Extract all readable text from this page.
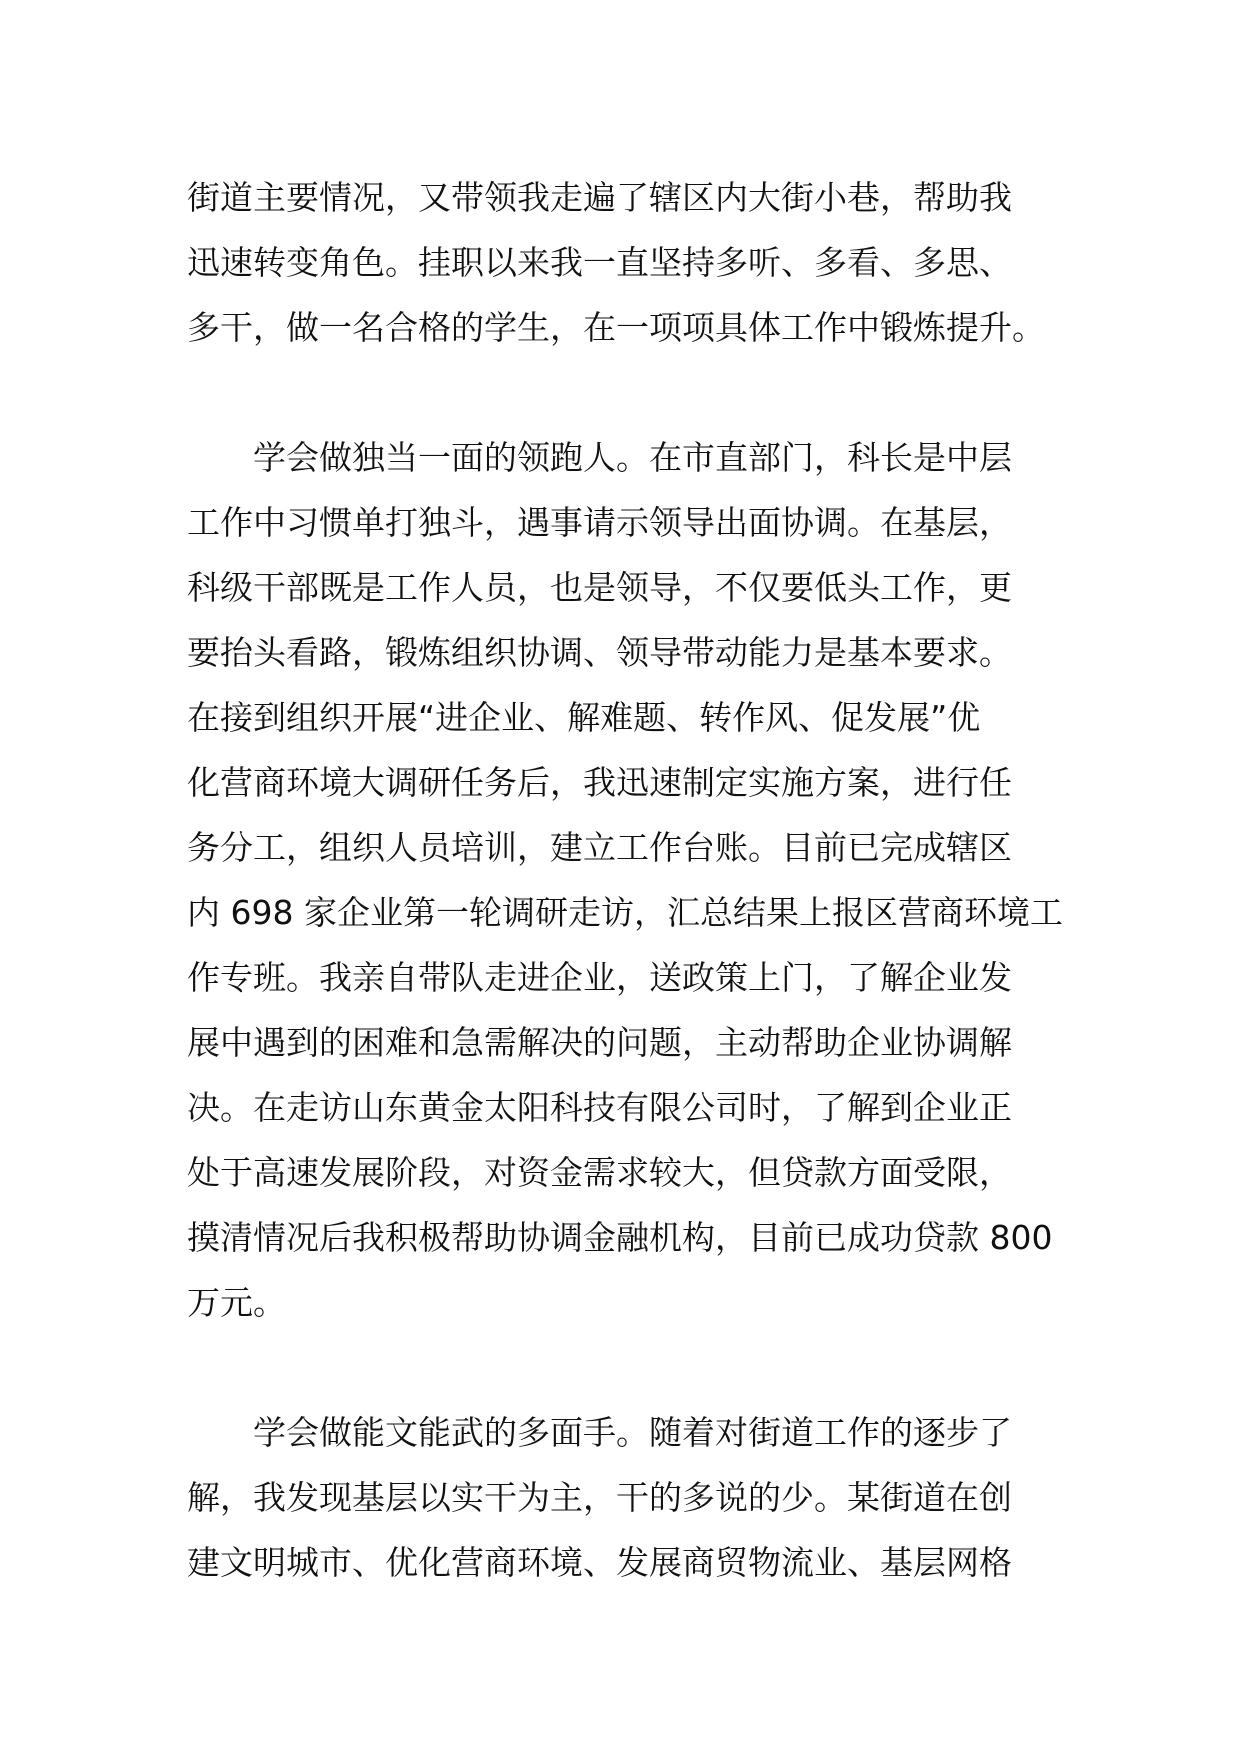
街道主要情况，又带领我走遍了辖区内大街小巷，帮助我
迅速转变角色。挂职以来我一直坚持多听、多看、多思、
多干，做一名合格的学生，在一项项具体工作中锻炼提升。
学会做独当一面的领跑人。在市直部门，科长是中层
工作中习惯单打独斗，遇事请示领导出面协调。在基层，
科级干部既是工作人员，也是领导，不仅要低头工作，更
要抬头看路，锻炼组织协调、领导带动能力是基本要求。
在接到组织开展“进企业、解难题、转作风、促发展”优
化营商环境大调研任务后，我迅速制定实施方案，进行任
务分工，组织人员培训，建立工作台账。目前已完成辖区
内 698 家企业第一轮调研走访，汇总结果上报区营商环境工
作专班。我亲自带队走进企业，送政策上门，了解企业发
展中遇到的困难和急需解决的问题，主动帮助企业协调解
决。在走访山东黄金太阳科技有限公司时，了解到企业正
处于高速发展阶段，对资金需求较大，但贷款方面受限，
摸清情况后我积极帮助协调金融机构，目前已成功贷款 800
万元。
学会做能文能武的多面手。随着对街道工作的逐步了
解，我发现基层以实干为主，干的多说的少。某街道在创
建文明城市、优化营商环境、发展商贸物流业、基层网格
